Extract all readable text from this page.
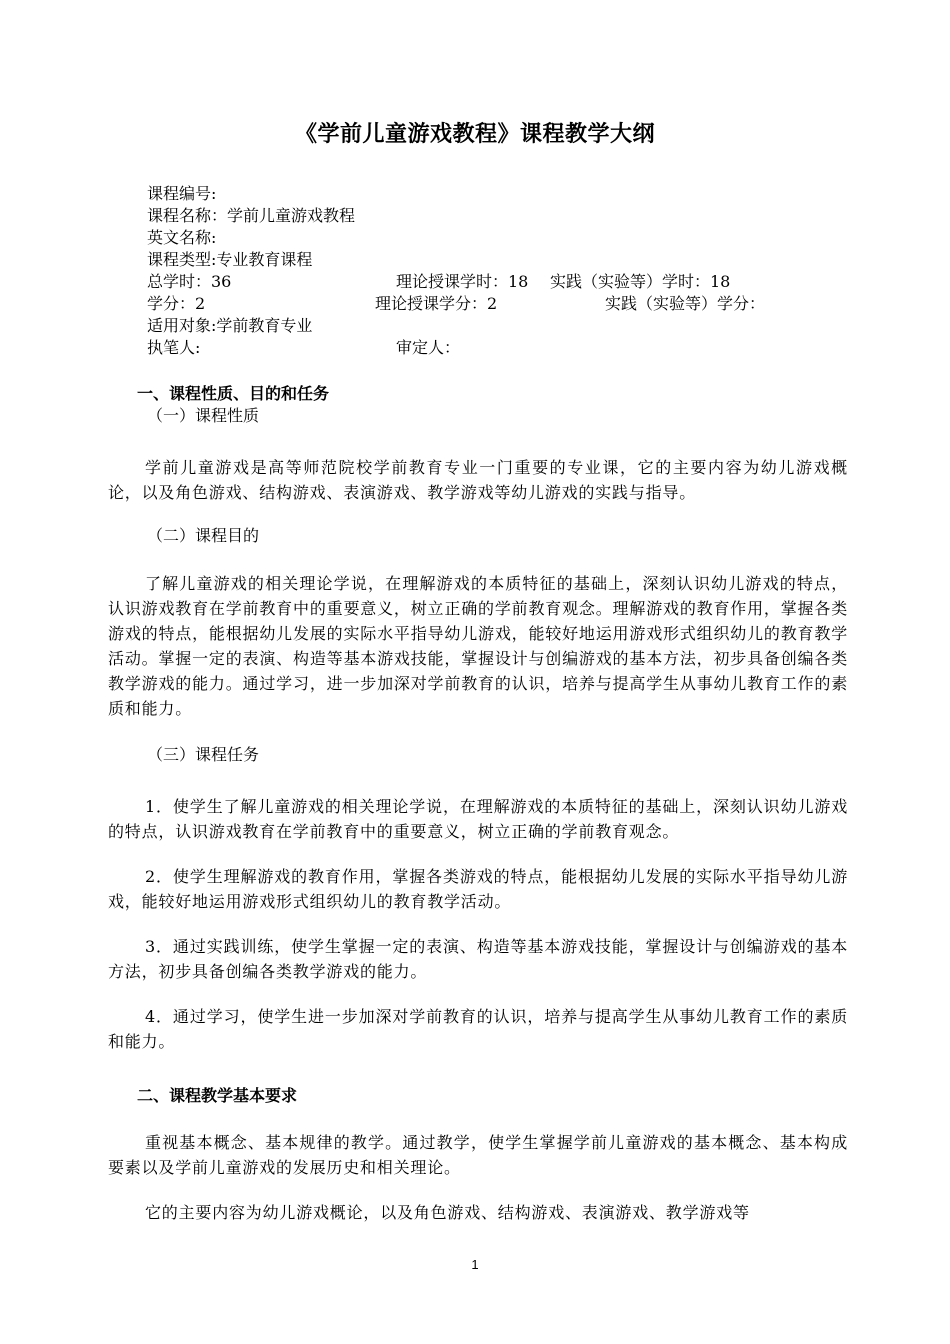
《学前儿童游戏教程》课程教学大纲
课程编号:
课程名称：学前儿童游戏教程
英文名称:
课程类型:专业教育课程
总学时：36	理论授课学时：18 实践（实验等）学时：18
学分：2	理论授课学分：2	实践（实验等）学分：
适用对象:学前教育专业
执笔人:	审定人：
一、课程性质、目的和任务
（一）课程性质
学前儿童游戏是高等师范院校学前教育专业一门重要的专业课，它的主要内容为幼儿游戏概论，以及角色游戏、结构游戏、表演游戏、教学游戏等幼儿游戏的实践与指导。
（二）课程目的
了解儿童游戏的相关理论学说，在理解游戏的本质特征的基础上，深刻认识幼儿游戏的特点，认识游戏教育在学前教育中的重要意义，树立正确的学前教育观念。理解游戏的教育作用，掌握各类游戏的特点，能根据幼儿发展的实际水平指导幼儿游戏，能较好地运用游戏形式组织幼儿的教育教学活动。掌握一定的表演、构造等基本游戏技能，掌握设计与创编游戏的基本方法，初步具备创编各类教学游戏的能力。通过学习，进一步加深对学前教育的认识，培养与提高学生从事幼儿教育工作的素质和能力。
（三）课程任务
1．使学生了解儿童游戏的相关理论学说，在理解游戏的本质特征的基础上，深刻认识幼儿游戏的特点，认识游戏教育在学前教育中的重要意义，树立正确的学前教育观念。
2．使学生理解游戏的教育作用，掌握各类游戏的特点，能根据幼儿发展的实际水平指导幼儿游戏，能较好地运用游戏形式组织幼儿的教育教学活动。
3．通过实践训练，使学生掌握一定的表演、构造等基本游戏技能，掌握设计与创编游戏的基本方法，初步具备创编各类教学游戏的能力。
4．通过学习，使学生进一步加深对学前教育的认识，培养与提高学生从事幼儿教育工作的素质和能力。
二、课程教学基本要求
重视基本概念、基本规律的教学。通过教学，使学生掌握学前儿童游戏的基本概念、基本构成要素以及学前儿童游戏的发展历史和相关理论。
它的主要内容为幼儿游戏概论，以及角色游戏、结构游戏、表演游戏、教学游戏等
1
